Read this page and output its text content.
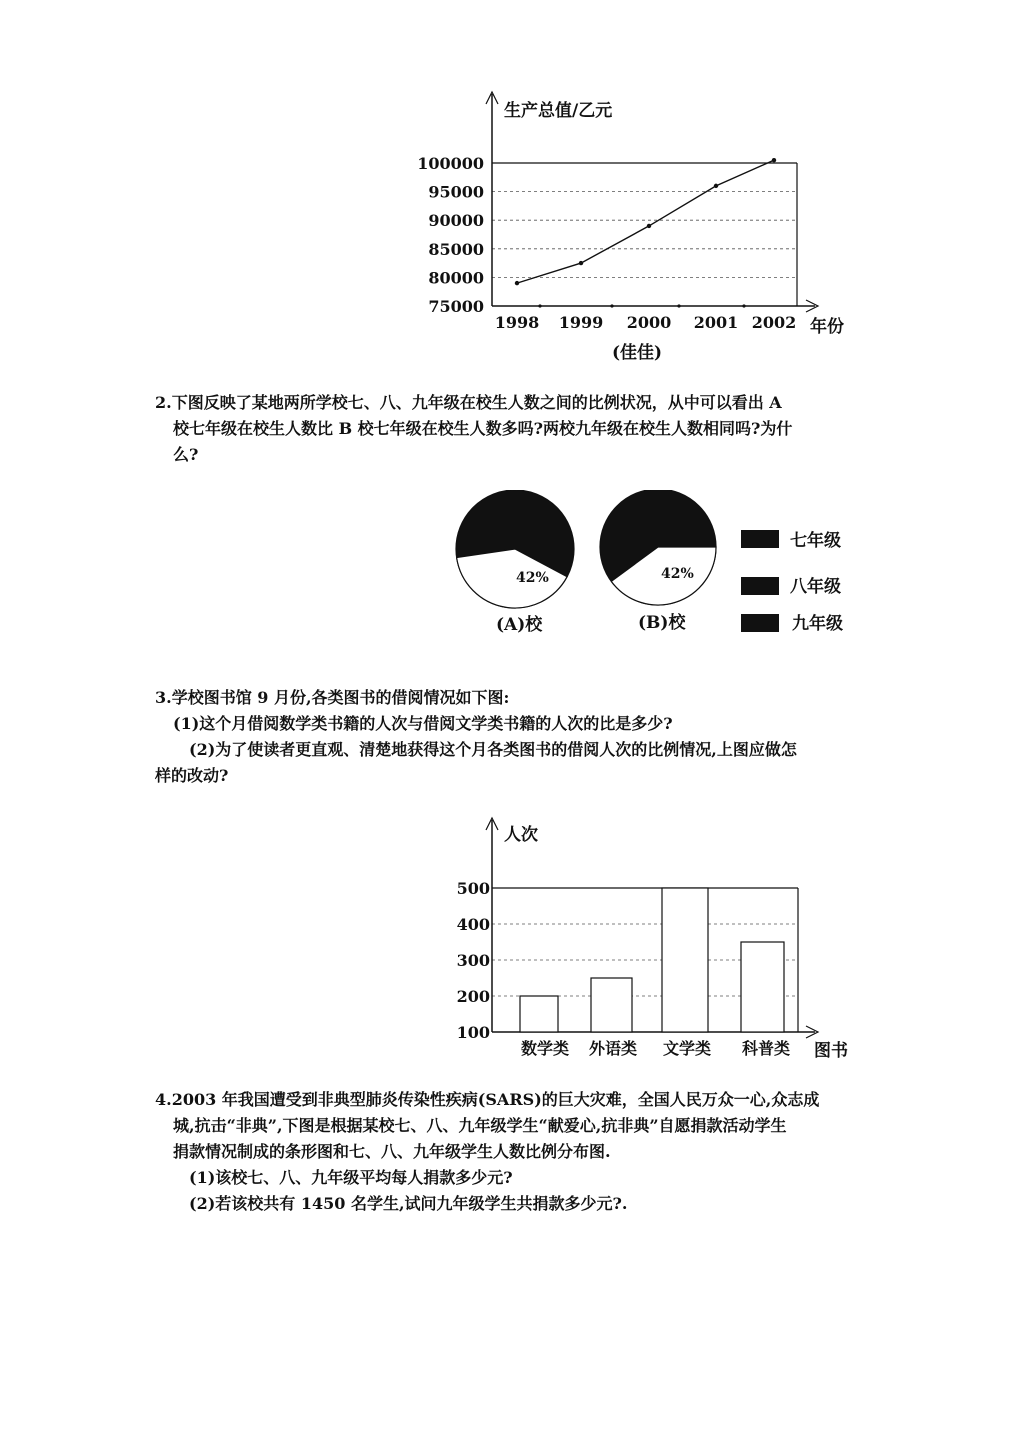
生产总值/乙元
年份
(佳佳)
100000
95000
90000
85000
80000
75000
1998 1999 2000 2001 2002

2.下图反映了某地两所学校七、八、九年级在校生人数之间的比例状况，从中可以看出 A

校七年级在校生人数比 B 校七年级在校生人数多吗?两校九年级在校生人数相同吗?为什

么?

42%	42%
(A)校	(B)校
七年级
八年级
九年级

3.学校图书馆 9 月份,各类图书的借阅情况如下图:

(1)这个月借阅数学类书籍的人次与借阅文学类书籍的人次的比是多少?

(2)为了使读者更直观、清楚地获得这个月各类图书的借阅人次的比例情况,上图应做怎

样的改动?

人次
图书
500
400
300
200
100
数学类 外语类 文学类 科普类

4.2003 年我国遭受到非典型肺炎传染性疾病(SARS)的巨大灾难，全国人民万众一心,众志成

城,抗击“非典”,下图是根据某校七、八、九年级学生“献爱心,抗非典”自愿捐款活动学生

捐款情况制成的条形图和七、八、九年级学生人数比例分布图.

(1)该校七、八、九年级平均每人捐款多少元?

(2)若该校共有 1450 名学生,试问九年级学生共捐款多少元?.
